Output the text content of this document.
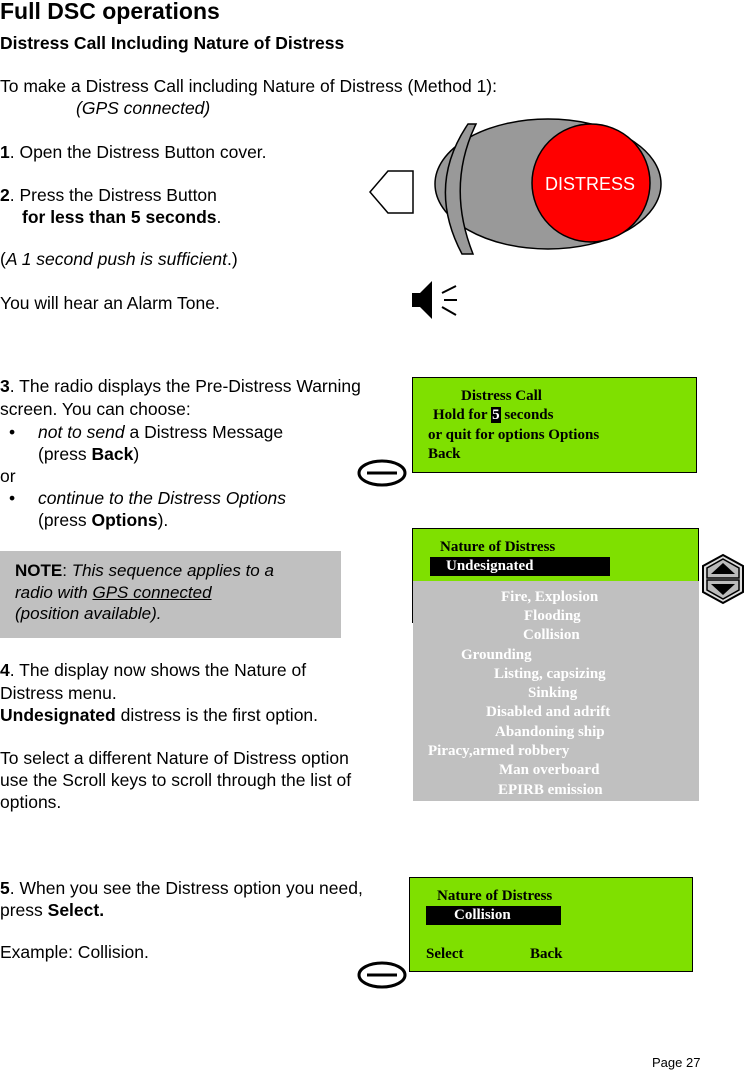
Full DSC operations
Distress Call Including Nature of Distress
To make a Distress Call including Nature of Distress (Method 1):
(GPS connected)
1. Open the Distress Button cover.
2. Press the Distress Button
for less than 5 seconds.
(A 1 second push is sufficient.)
You will hear an Alarm Tone.
DISTRESS
3. The radio displays the Pre-Distress Warning
screen. You can choose:
• not to send a Distress Message
(press Back)
or
• continue to the Distress Options
(press Options).
Distress Call
Hold for 5 seconds
or quit for options Options
Back
NOTE: This sequence applies to a
radio with GPS connected
(position available).
Nature of Distress
Undesignated
Fire, Explosion
Flooding
Collision
Grounding
Listing, capsizing
Sinking
Disabled and adrift
Abandoning ship
Piracy,armed robbery
Man overboard
EPIRB emission
4. The display now shows the Nature of
Distress menu.
Undesignated distress is the first option.
To select a different Nature of Distress option
use the Scroll keys to scroll through the list of
options.
5. When you see the Distress option you need,
press Select.
Example: Collision.
Nature of Distress
Collision
Select	Back
Page 27
